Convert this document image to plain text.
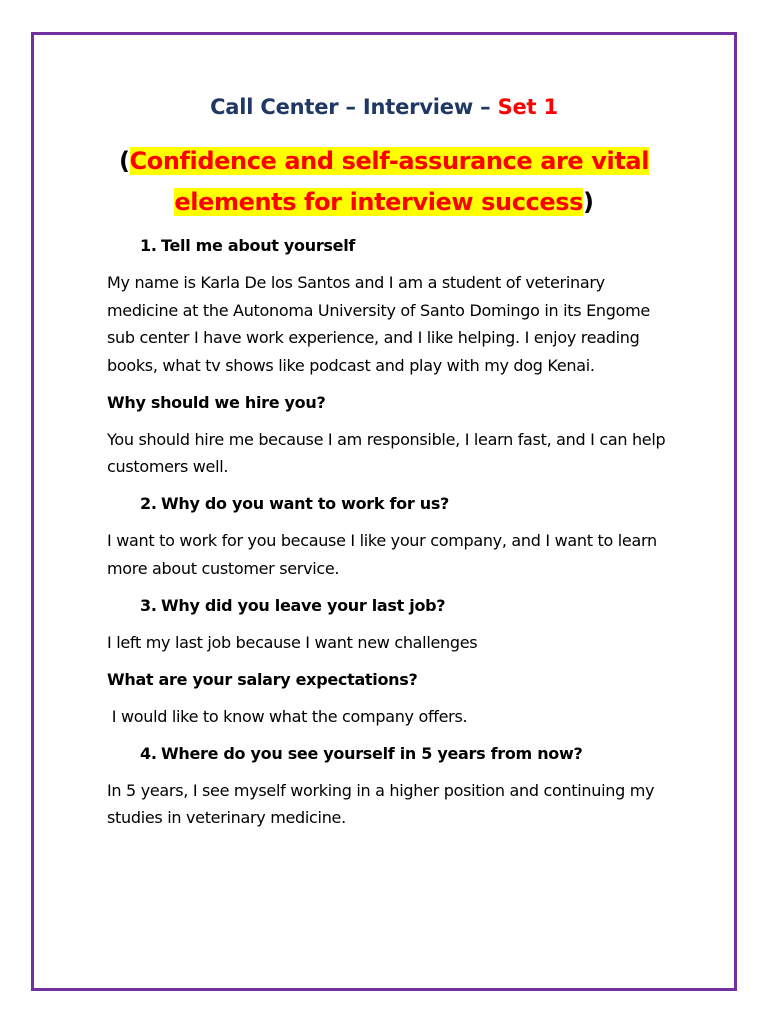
Call Center – Interview – Set 1
(Confidence and self-assurance are vital
elements for interview success)
1. Tell me about yourself

My name is Karla De los Santos and I am a student of veterinary medicine at the Autonoma University of Santo Domingo in its Engome sub center I have work experience, and I like helping. I enjoy reading books, what tv shows like podcast and play with my dog Kenai.

Why should we hire you?

You should hire me because I am responsible, I learn fast, and I can help customers well.

2. Why do you want to work for us?

I want to work for you because I like your company, and I want to learn more about customer service.

3. Why did you leave your last job?

I left my last job because I want new challenges

What are your salary expectations?

I would like to know what the company offers.

4. Where do you see yourself in 5 years from now?

In 5 years, I see myself working in a higher position and continuing my studies in veterinary medicine.
